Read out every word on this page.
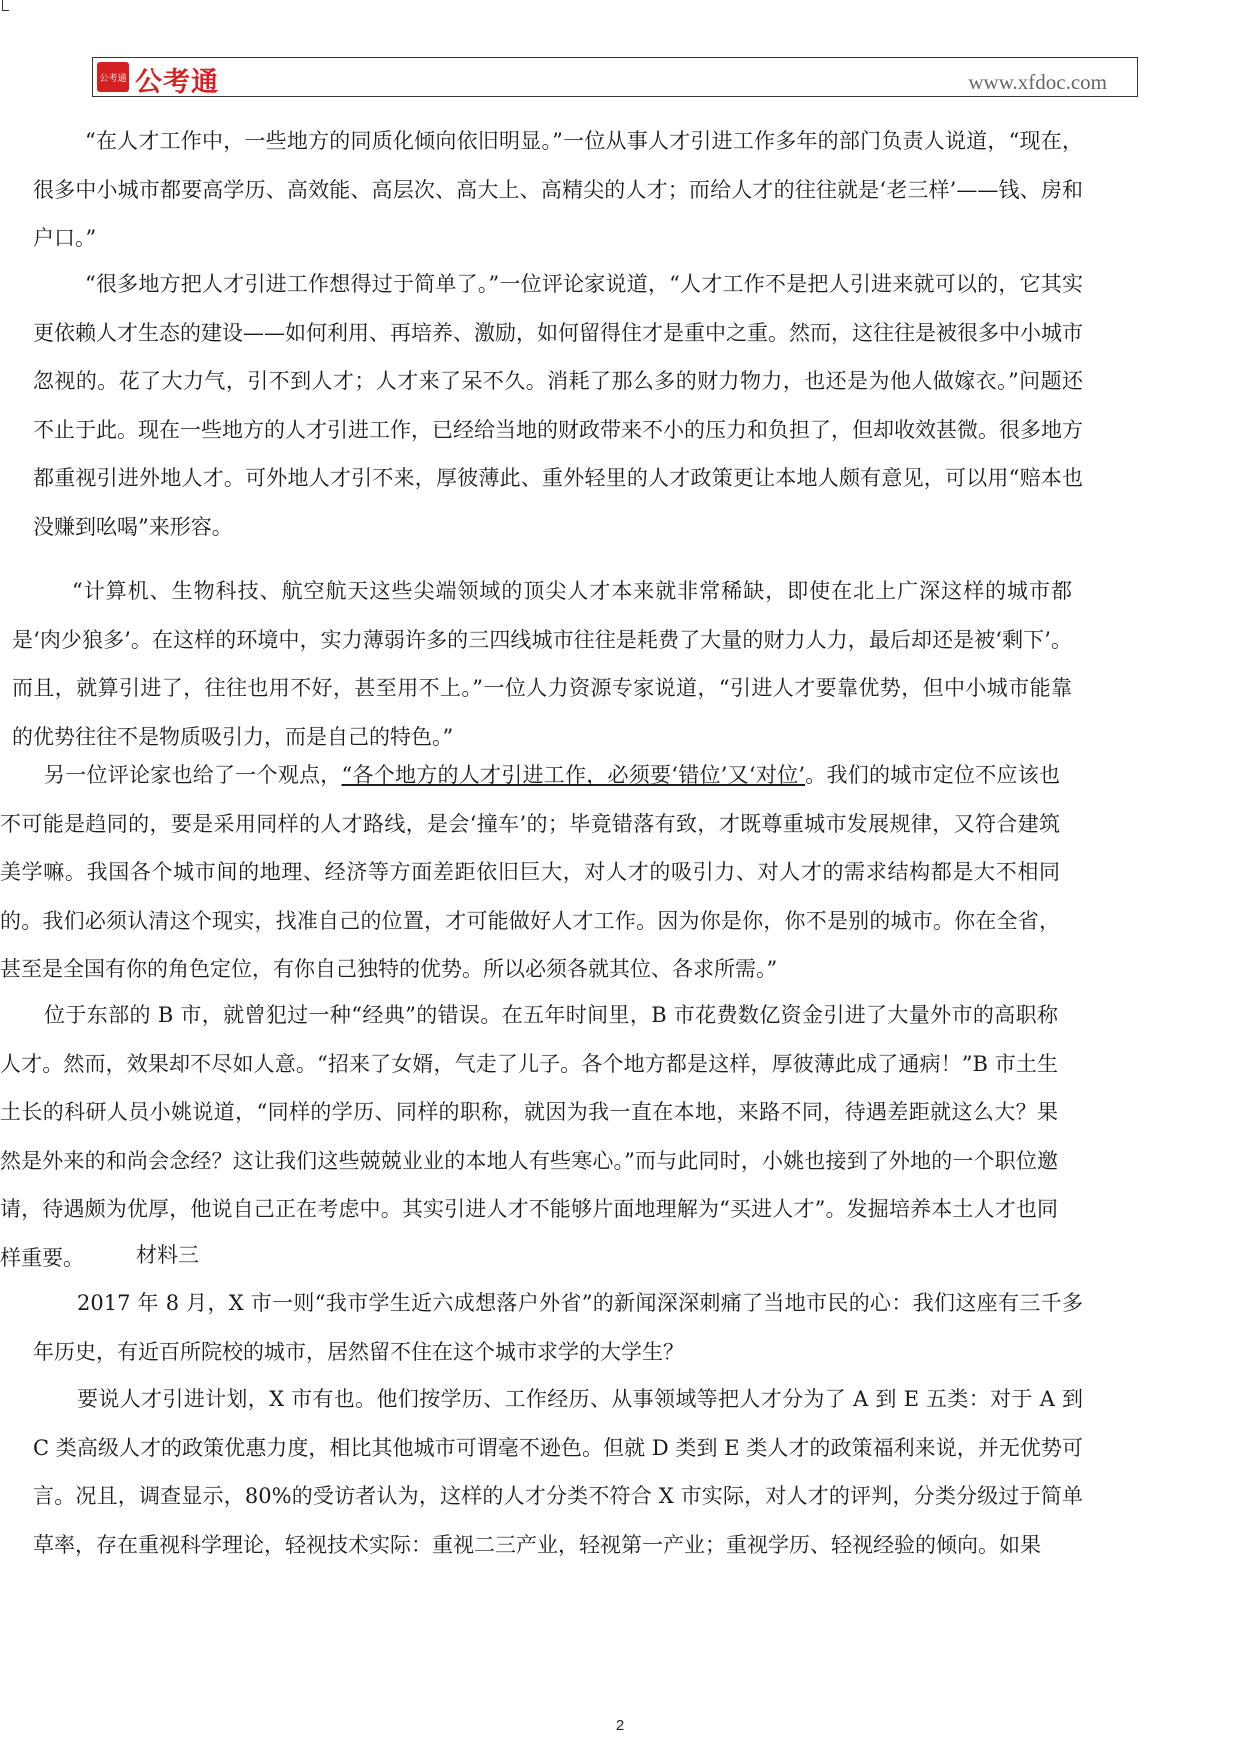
公考通 公考通	www.xfdoc.com

“在人才工作中，一些地方的同质化倾向依旧明显。”一位从事人才引进工作多年的部门负责人说道，“现在，很多中小城市都要高学历、高效能、高层次、高大上、高精尖的人才；而给人才的往往就是‘老三样’——钱、房和户口。”

“很多地方把人才引进工作想得过于简单了。”一位评论家说道，“人才工作不是把人引进来就可以的，它其实更依赖人才生态的建设——如何利用、再培养、激励，如何留得住才是重中之重。然而，这往往是被很多中小城市忽视的。花了大力气，引不到人才；人才来了呆不久。消耗了那么多的财力物力，也还是为他人做嫁衣。”问题还不止于此。现在一些地方的人才引进工作，已经给当地的财政带来不小的压力和负担了，但却收效甚微。很多地方都重视引进外地人才。可外地人才引不来，厚彼薄此、重外轻里的人才政策更让本地人颇有意见，可以用“赔本也没赚到吆喝”来形容。

“计算机、生物科技、航空航天这些尖端领域的顶尖人才本来就非常稀缺，即使在北上广深这样的城市都是‘肉少狼多’。在这样的环境中，实力薄弱许多的三四线城市往往是耗费了大量的财力人力，最后却还是被‘剩下’。而且，就算引进了，往往也用不好，甚至用不上。”一位人力资源专家说道，“引进人才要靠优势，但中小城市能靠的优势往往不是物质吸引力，而是自己的特色。”

另一位评论家也给了一个观点，“各个地方的人才引进工作，必须要‘错位’又‘对位’。我们的城市定位不应该也不可能是趋同的，要是采用同样的人才路线，是会‘撞车’的；毕竟错落有致，才既尊重城市发展规律，又符合建筑美学嘛。我国各个城市间的地理、经济等方面差距依旧巨大，对人才的吸引力、对人才的需求结构都是大不相同的。我们必须认清这个现实，找准自己的位置，才可能做好人才工作。因为你是你，你不是别的城市。你在全省，甚至是全国有你的角色定位，有你自己独特的优势。所以必须各就其位、各求所需。”

位于东部的 B 市，就曾犯过一种“经典”的错误。在五年时间里，B 市花费数亿资金引进了大量外市的高职称人才。然而，效果却不尽如人意。“招来了女婿，气走了儿子。各个地方都是这样，厚彼薄此成了通病！”B 市土生土长的科研人员小姚说道，“同样的学历、同样的职称，就因为我一直在本地，来路不同，待遇差距就这么大？果然是外来的和尚会念经？这让我们这些兢兢业业的本地人有些寒心。”而与此同时，小姚也接到了外地的一个职位邀请，待遇颇为优厚，他说自己正在考虑中。其实引进人才不能够片面地理解为“买进人才”。发掘培养本土人才也同样重要。	材料三

2017 年 8 月，X 市一则“我市学生近六成想落户外省”的新闻深深刺痛了当地市民的心：我们这座有三千多年历史，有近百所院校的城市，居然留不住在这个城市求学的大学生？

要说人才引进计划，X 市有也。他们按学历、工作经历、从事领域等把人才分为了 A 到 E 五类：对于 A 到 C 类高级人才的政策优惠力度，相比其他城市可谓毫不逊色。但就 D 类到 E 类人才的政策福利来说，并无优势可言。况且，调查显示，80%的受访者认为，这样的人才分类不符合 X 市实际，对人才的评判，分类分级过于简单草率，存在重视科学理论，轻视技术实际：重视二三产业，轻视第一产业；重视学历、轻视经验的倾向。如果

2
